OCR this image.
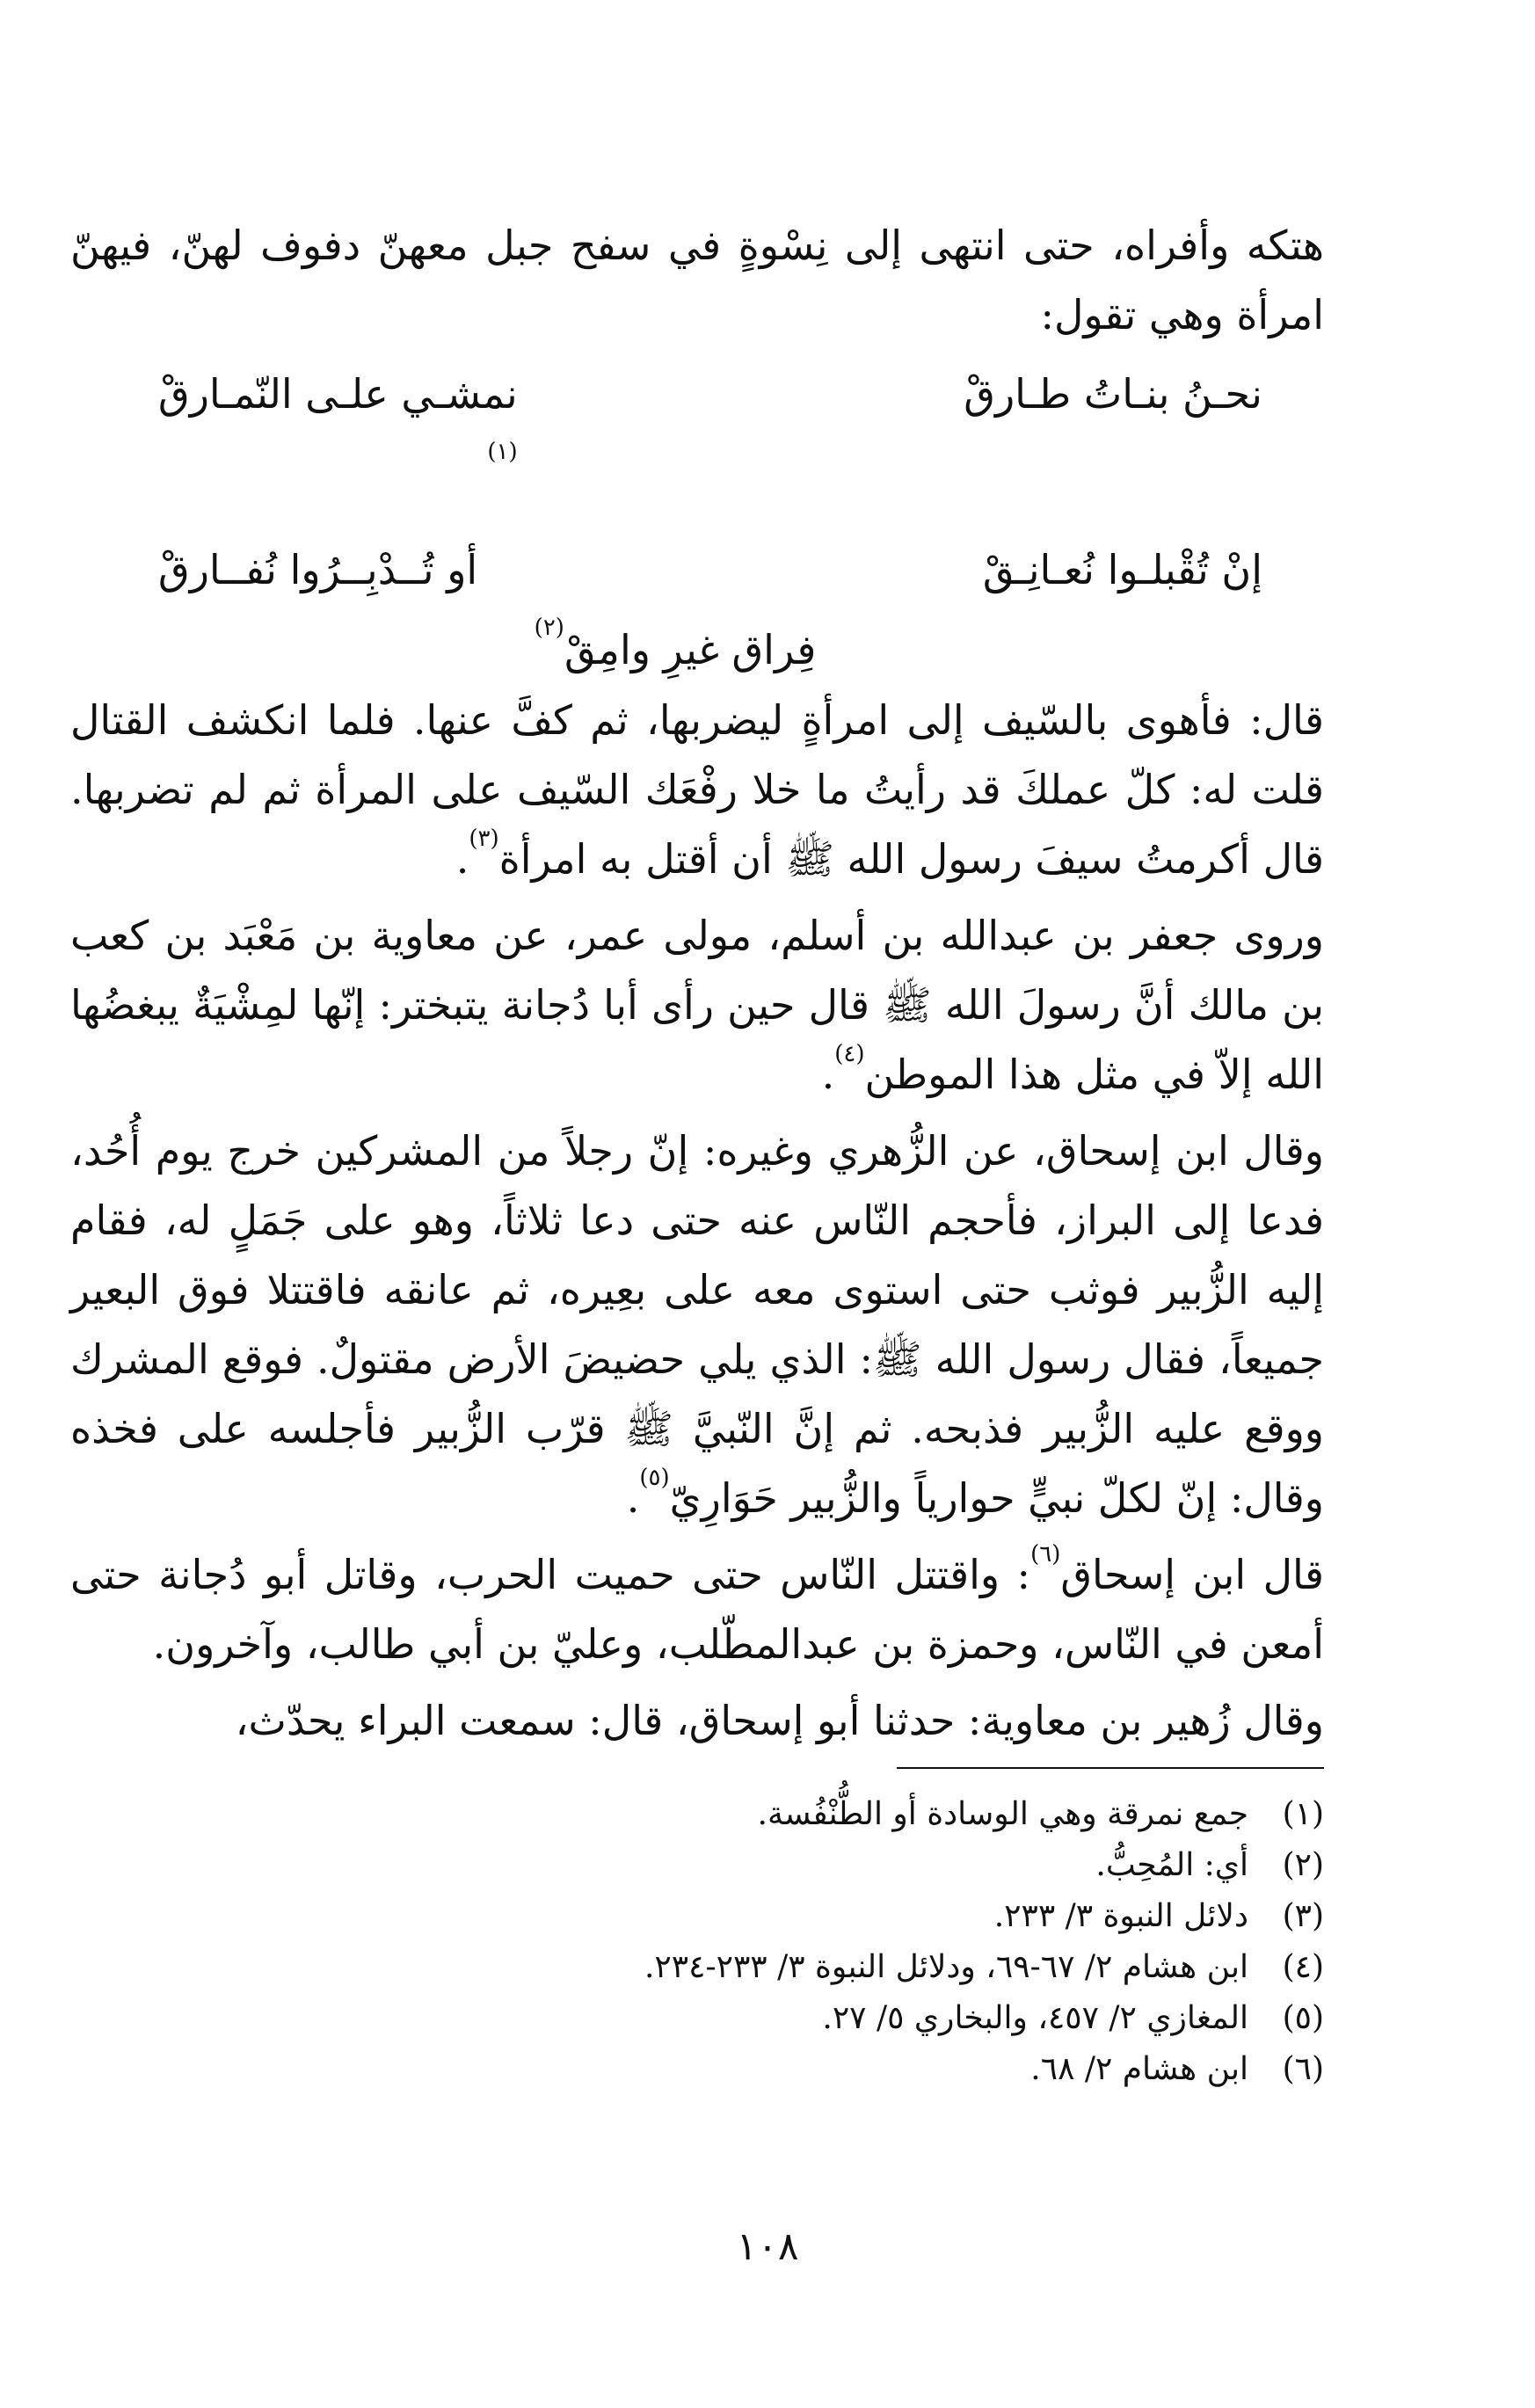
هتكه وأفراه، حتى انتهى إلى نِسْوةٍ في سفح جبل معهنّ دفوف لهنّ، فيهنّ امرأة وهي تقول:

نحـنُ بنـاتُ طـارقْ
نمشـي علـى النّمـارقْ
$^{(١)}$
إنْ تُقْبلـوا نُعـانِـقْ
أو تُــدْبِــرُوا نُفــارقْ
فِراق غيرِ وامِقْ$^{(٢)}$

قال: فأهوى بالسّيف إلى امرأةٍ ليضربها، ثم كفَّ عنها. فلما انكشف القتال قلت له: كلّ عملكَ قد رأيتُ ما خلا رفْعَك السّيف على المرأة ثم لم تضربها. قال أكرمتُ سيفَ رسول الله ﷺ أن أقتل به امرأة$^{(٣)}$.

وروى جعفر بن عبدالله بن أسلم، مولى عمر، عن معاوية بن مَعْبَد بن كعب بن مالك أنَّ رسولَ الله ﷺ قال حين رأى أبا دُجانة يتبختر: إنّها لمِشْيَةٌ يبغضُها الله إلاّ في مثل هذا الموطن$^{(٤)}$.

وقال ابن إسحاق، عن الزُّهري وغيره: إنّ رجلاً من المشركين خرج يوم أُحُد، فدعا إلى البراز، فأحجم النّاس عنه حتى دعا ثلاثاً، وهو على جَمَلٍ له، فقام إليه الزُّبير فوثب حتى استوى معه على بعِيره، ثم عانقه فاقتتلا فوق البعير جميعاً، فقال رسول الله ﷺ: الذي يلي حضيضَ الأرض مقتولٌ. فوقع المشرك ووقع عليه الزُّبير فذبحه. ثم إنَّ النّبيَّ ﷺ قرّب الزُّبير فأجلسه على فخذه وقال: إنّ لكلّ نبيٍّ حوارياً والزُّبير حَوَارِيّ$^{(٥)}$.

قال ابن إسحاق$^{(٦)}$: واقتتل النّاس حتى حميت الحرب، وقاتل أبو دُجانة حتى أمعن في النّاس، وحمزة بن عبدالمطّلب، وعليّ بن أبي طالب، وآخرون.

وقال زُهير بن معاوية: حدثنا أبو إسحاق، قال: سمعت البراء يحدّث،

(١)
جمع نمرقة وهي الوسادة أو الطُّنْفُسة.
(٢)
أي: المُحِبُّ.
(٣)
دلائل النبوة ٣/ ٢٣٣.
(٤)
ابن هشام ٢/ ٦٧-٦٩، ودلائل النبوة ٣/ ٢٣٣-٢٣٤.
(٥)
المغازي ٢/ ٤٥٧، والبخاري ٥/ ٢٧.
(٦)
ابن هشام ٢/ ٦٨.
١٠٨
